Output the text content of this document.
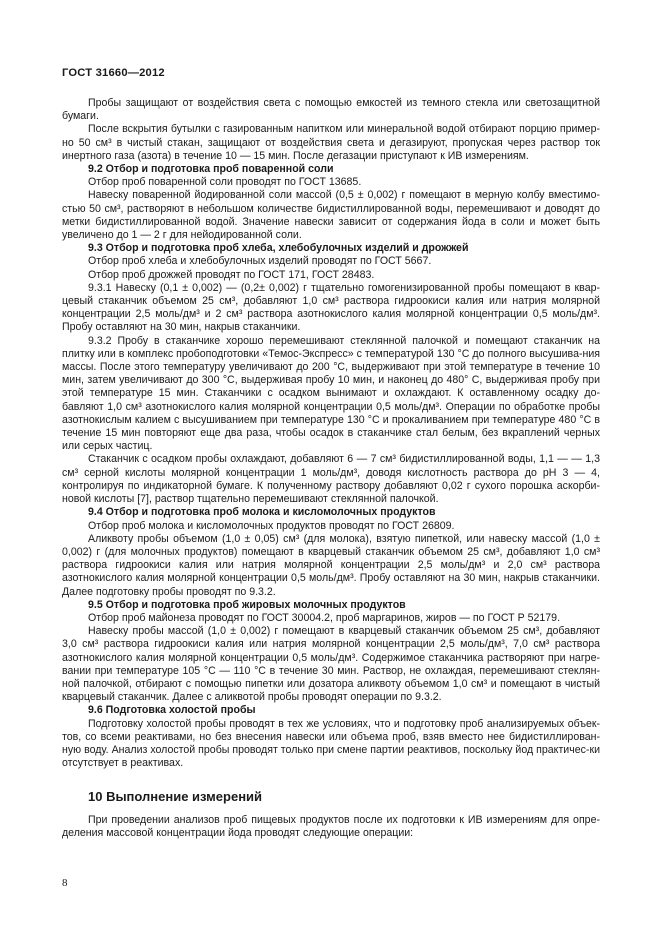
ГОСТ 31660—2012
Пробы защищают от воздействия света с помощью емкостей из темного стекла или светозащитной бумаги.
После вскрытия бутылки с газированным напитком или минеральной водой отбирают порцию пример-но 50 см³ в чистый стакан, защищают от воздействия света и дегазируют, пропуская через раствор ток инертного газа (азота) в течение 10 — 15 мин. После дегазации приступают к ИВ измерениям.
9.2 Отбор и подготовка проб поваренной соли
Отбор проб поваренной соли проводят по ГОСТ 13685.
Навеску поваренной йодированной соли массой (0,5 ± 0,002) г помещают в мерную колбу вместимо-стью 50 см³, растворяют в небольшом количестве бидистиллированной воды, перемешивают и доводят до метки бидистиллированной водой. Значение навески зависит от содержания йода в соли и может быть увеличено до 1 — 2 г для нейодированной соли.
9.3 Отбор и подготовка проб хлеба, хлебобулочных изделий и дрожжей
Отбор проб хлеба и хлебобулочных изделий проводят по ГОСТ 5667.
Отбор проб дрожжей проводят по ГОСТ 171, ГОСТ 28483.
9.3.1 Навеску (0,1 ± 0,002) — (0,2± 0,002) г тщательно гомогенизированной пробы помещают в квар-цевый стаканчик объемом 25 см³, добавляют 1,0 см³ раствора гидроокиси калия или натрия молярной концентрации 2,5 моль/дм³ и 2 см³ раствора азотнокислого калия молярной концентрации 0,5 моль/дм³. Пробу оставляют на 30 мин, накрыв стаканчики.
9.3.2 Пробу в стаканчике хорошо перемешивают стеклянной палочкой и помещают стаканчик на плитку или в комплекс пробоподготовки «Темос-Экспресс» с температурой 130 °С до полного высушива-ния массы. После этого температуру увеличивают до 200 °С, выдерживают при этой температуре в течение 10 мин, затем увеличивают до 300 °С, выдерживая пробу 10 мин, и наконец до 480° С, выдерживая пробу при этой температуре 15 мин. Стаканчики с осадком вынимают и охлаждают. К оставленному осадку до-бавляют 1,0 см³ азотнокислого калия молярной концентрации 0,5 моль/дм³. Операции по обработке пробы азотнокислым калием с высушиванием при температуре 130 °С и прокаливанием при температуре 480 °С в течение 15 мин повторяют еще два раза, чтобы осадок в стаканчике стал белым, без вкраплений черных или серых частиц.
Стаканчик с осадком пробы охлаждают, добавляют 6 — 7 см³ бидистиллированной воды, 1,1 — — 1,3 см³ серной кислоты молярной концентрации 1 моль/дм³, доводя кислотность раствора до рН 3 — 4, контролируя по индикаторной бумаге. К полученному раствору добавляют 0,02 г сухого порошка аскорби-новой кислоты [7], раствор тщательно перемешивают стеклянной палочкой.
9.4 Отбор и подготовка проб молока и кисломолочных продуктов
Отбор проб молока и кисломолочных продуктов проводят по ГОСТ 26809.
Аликвоту пробы объемом (1,0 ± 0,05) см³ (для молока), взятую пипеткой, или навеску массой (1,0 ± 0,002) г (для молочных продуктов) помещают в кварцевый стаканчик объемом 25 см³, добавляют 1,0 см³ раствора гидроокиси калия или натрия молярной концентрации 2,5 моль/дм³ и 2,0 см³ раствора азотнокислого калия молярной концентрации 0,5 моль/дм³. Пробу оставляют на 30 мин, накрыв стаканчики. Далее подготовку пробы проводят по 9.3.2.
9.5 Отбор и подготовка проб жировых молочных продуктов
Отбор проб майонеза проводят по ГОСТ 30004.2, проб маргаринов, жиров — по ГОСТ Р 52179.
Навеску пробы массой (1,0 ± 0,002) г помещают в кварцевый стаканчик объемом 25 см³, добавляют 3,0 см³ раствора гидроокиси калия или натрия молярной концентрации 2,5 моль/дм³, 7,0 см³ раствора азотнокислого калия молярной концентрации 0,5 моль/дм³. Содержимое стаканчика растворяют при нагре-вании при температуре 105 °С — 110 °С в течение 30 мин. Раствор, не охлаждая, перемешивают стеклян-ной палочкой, отбирают с помощью пипетки или дозатора аликвоту объемом 1,0 см³ и помещают в чистый кварцевый стаканчик. Далее с аликвотой пробы проводят операции по 9.3.2.
9.6 Подготовка холостой пробы
Подготовку холостой пробы проводят в тех же условиях, что и подготовку проб анализируемых объек-тов, со всеми реактивами, но без внесения навески или объема проб, взяв вместо нее бидистиллирован-ную воду. Анализ холостой пробы проводят только при смене партии реактивов, поскольку йод практичес-ки отсутствует в реактивах.
10 Выполнение измерений
При проведении анализов проб пищевых продуктов после их подготовки к ИВ измерениям для опре-деления массовой концентрации йода проводят следующие операции:
8
